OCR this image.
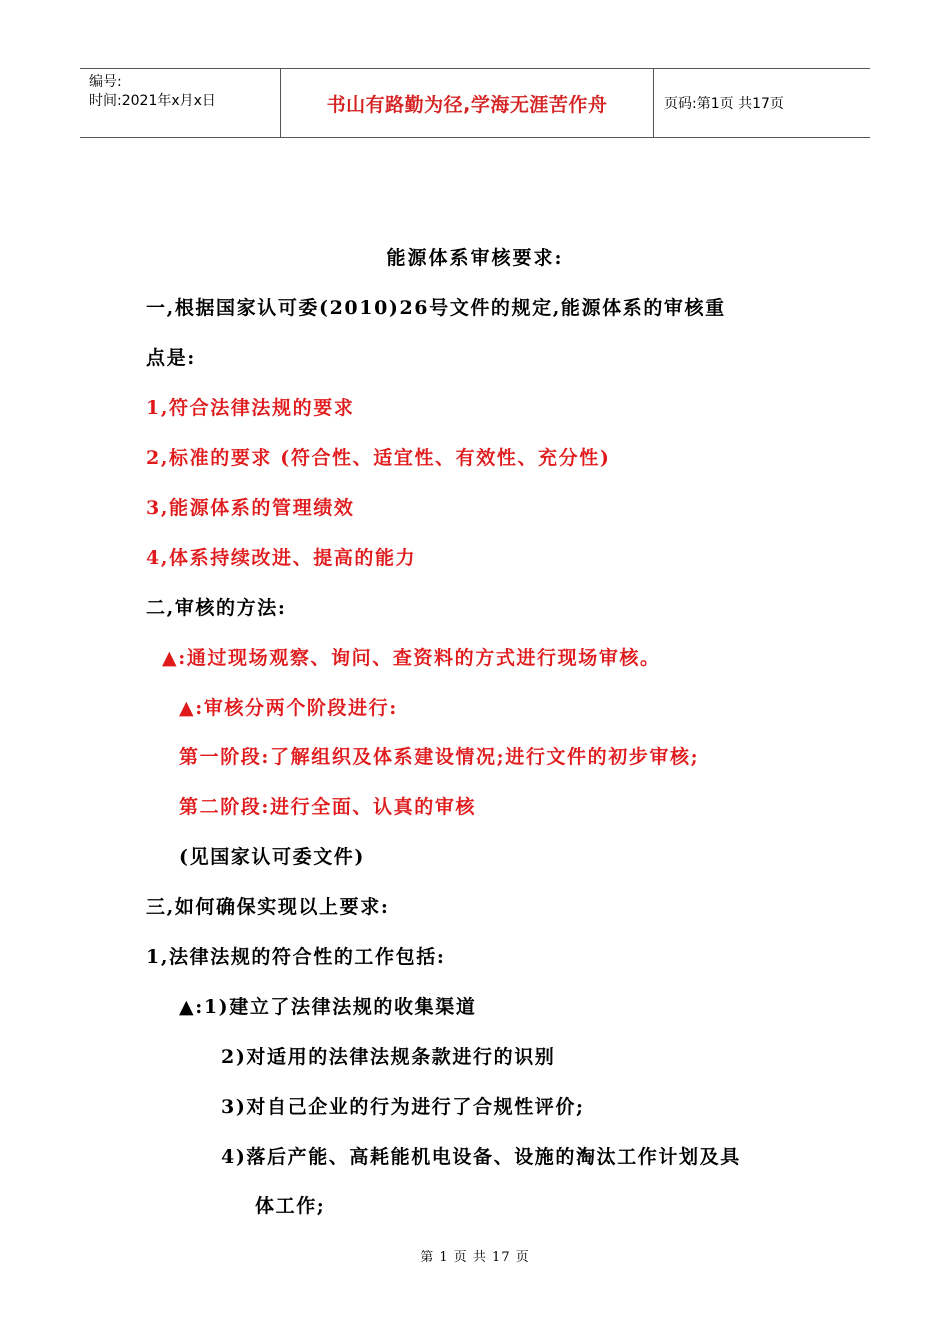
编号:
时间:2021年x月x日	书山有路勤为径,学海无涯苦作舟	页码:第1页 共17页
能源体系审核要求:
一,根据国家认可委(2010)26号文件的规定,能源体系的审核重
点是:
1,符合法律法规的要求
2,标准的要求 (符合性、适宜性、有效性、充分性)
3,能源体系的管理绩效
4,体系持续改进、提高的能力
二,审核的方法:
▲:通过现场观察、询问、查资料的方式进行现场审核。
▲:审核分两个阶段进行:
第一阶段:了解组织及体系建设情况;进行文件的初步审核;
第二阶段:进行全面、认真的审核
(见国家认可委文件)
三,如何确保实现以上要求:
1,法律法规的符合性的工作包括:
▲:1)建立了法律法规的收集渠道
2)对适用的法律法规条款进行的识别
3)对自己企业的行为进行了合规性评价;
4)落后产能、高耗能机电设备、设施的淘汰工作计划及具
体工作;
第 1 页 共 17 页
